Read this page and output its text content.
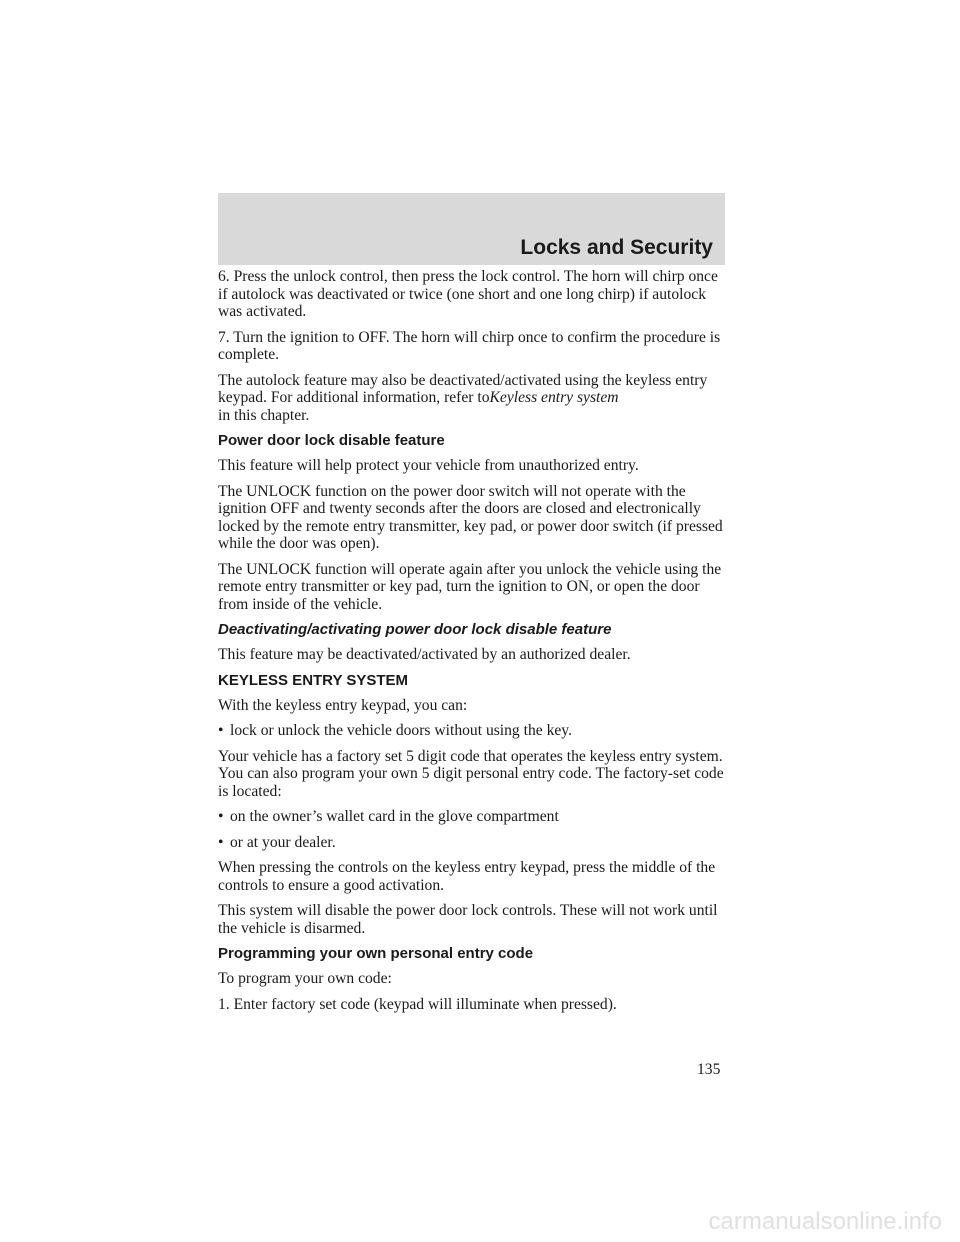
Locks and Security

6. Press the unlock control, then press the lock control. The horn will chirp once if autolock was deactivated or twice (one short and one long chirp) if autolock was activated.

7. Turn the ignition to OFF. The horn will chirp once to confirm the procedure is complete.

The autolock feature may also be deactivated/activated using the keyless entry keypad. For additional information, refer toKeyless entry system
in this chapter.

Power door lock disable feature

This feature will help protect your vehicle from unauthorized entry.

The UNLOCK function on the power door switch will not operate with the ignition OFF and twenty seconds after the doors are closed and electronically locked by the remote entry transmitter, key pad, or power door switch (if pressed while the door was open).

The UNLOCK function will operate again after you unlock the vehicle using the remote entry transmitter or key pad, turn the ignition to ON, or open the door from inside of the vehicle.

Deactivating/activating power door lock disable feature

This feature may be deactivated/activated by an authorized dealer.

KEYLESS ENTRY SYSTEM

With the keyless entry keypad, you can:

• lock or unlock the vehicle doors without using the key.

Your vehicle has a factory set 5 digit code that operates the keyless entry system. You can also program your own 5 digit personal entry code. The factory-set code is located:

• on the owner’s wallet card in the glove compartment
• or at your dealer.

When pressing the controls on the keyless entry keypad, press the middle of the controls to ensure a good activation.

This system will disable the power door lock controls. These will not work until the vehicle is disarmed.

Programming your own personal entry code

To program your own code:

1. Enter factory set code (keypad will illuminate when pressed).

135
carmanualsonline.info
